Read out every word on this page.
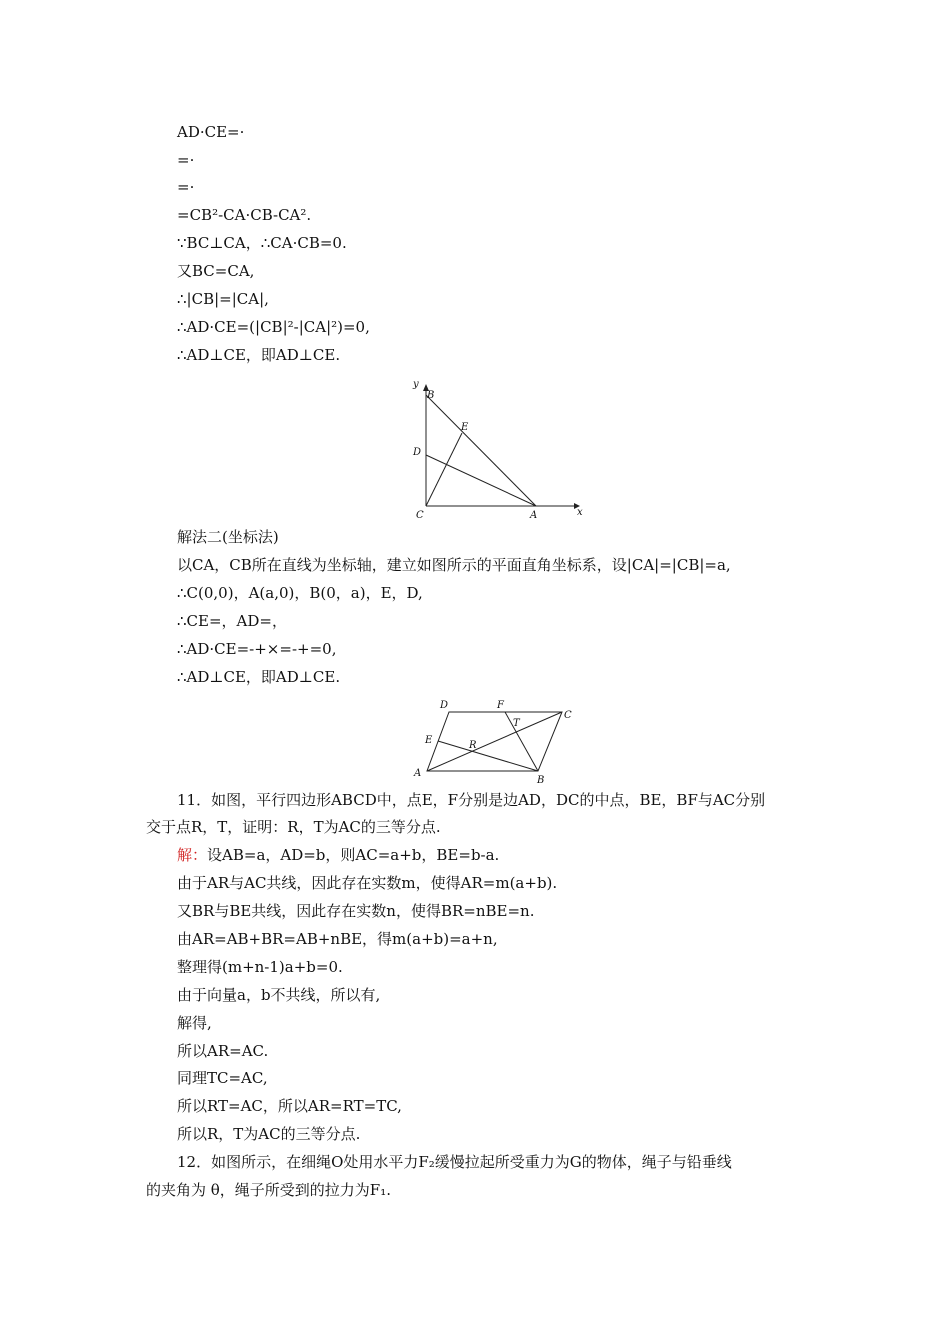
AD·CE=·
=·
=·
=CB²-CA·CB-CA².
∵BC⊥CA，∴CA·CB=0.
又BC=CA,
∴|CB|=|CA|,
∴AD·CE=(|CB|²-|CA|²)=0,
∴AD⊥CE，即AD⊥CE.
y
x
B
E
D
C	A
解法二(坐标法)
以CA，CB所在直线为坐标轴，建立如图所示的平面直角坐标系，设|CA|=|CB|=a,
∴C(0,0)，A(a,0)，B(0，a)，E，D,
∴CE=，AD=，
∴AD·CE=-+×=-+=0,
∴AD⊥CE，即AD⊥CE.
D	F
C
T
E	R
A
B
11．如图，平行四边形ABCD中，点E，F分别是边AD，DC的中点，BE，BF与AC分别
交于点R，T，证明：R，T为AC的三等分点.
解：设AB=a，AD=b，则AC=a+b，BE=b-a.
由于AR与AC共线，因此存在实数m，使得AR=m(a+b).
又BR与BE共线，因此存在实数n，使得BR=nBE=n.
由AR=AB+BR=AB+nBE，得m(a+b)=a+n,
整理得(m+n-1)a+b=0.
由于向量a，b不共线，所以有,
解得,
所以AR=AC.
同理TC=AC,
所以RT=AC，所以AR=RT=TC,
所以R，T为AC的三等分点.
12．如图所示，在细绳O处用水平力F₂缓慢拉起所受重力为G的物体，绳子与铅垂线
的夹角为 θ，绳子所受到的拉力为F₁.
